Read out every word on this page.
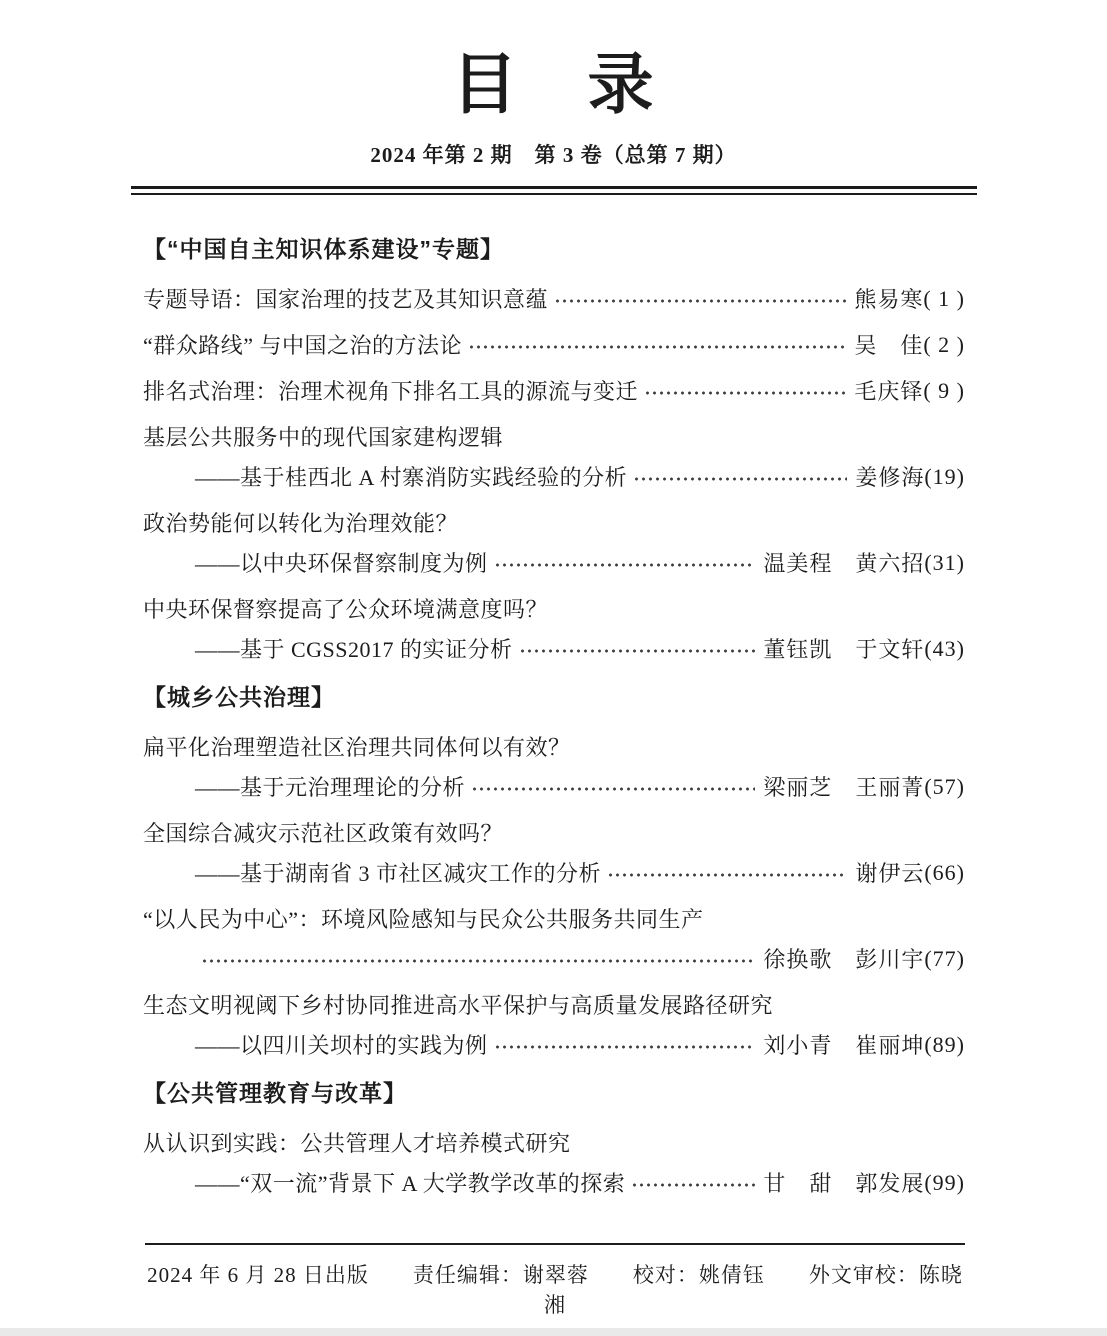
目　录
2024 年第 2 期　第 3 卷（总第 7 期）
【“中国自主知识体系建设”专题】
专题导语：国家治理的技艺及其知识意蕴	熊易寒 ( 1 )
“群众路线” 与中国之治的方法论	吴　佳 ( 2 )
排名式治理：治理术视角下排名工具的源流与变迁	毛庆铎 ( 9 )
基层公共服务中的现代国家建构逻辑
——基于桂西北 A 村寨消防实践经验的分析	姜修海 (19)
政治势能何以转化为治理效能？
——以中央环保督察制度为例	温美程　黄六招 (31)
中央环保督察提高了公众环境满意度吗？
——基于 CGSS2017 的实证分析	董钰凯　于文轩 (43)
【城乡公共治理】
扁平化治理塑造社区治理共同体何以有效？
——基于元治理理论的分析	梁丽芝　王丽菁 (57)
全国综合减灾示范社区政策有效吗？
——基于湖南省 3 市社区减灾工作的分析	谢伊云 (66)
“以人民为中心”：环境风险感知与民众公共服务共同生产
徐换歌　彭川宇 (77)
生态文明视阈下乡村协同推进高水平保护与高质量发展路径研究
——以四川关坝村的实践为例	刘小青　崔丽坤 (89)
【公共管理教育与改革】
从认识到实践：公共管理人才培养模式研究
——“双一流”背景下 A 大学教学改革的探索	甘　甜　郭发展 (99)
2024 年 6 月 28 日出版　　责任编辑：谢翠蓉　　校对：姚倩钰　　外文审校：陈晓湘
